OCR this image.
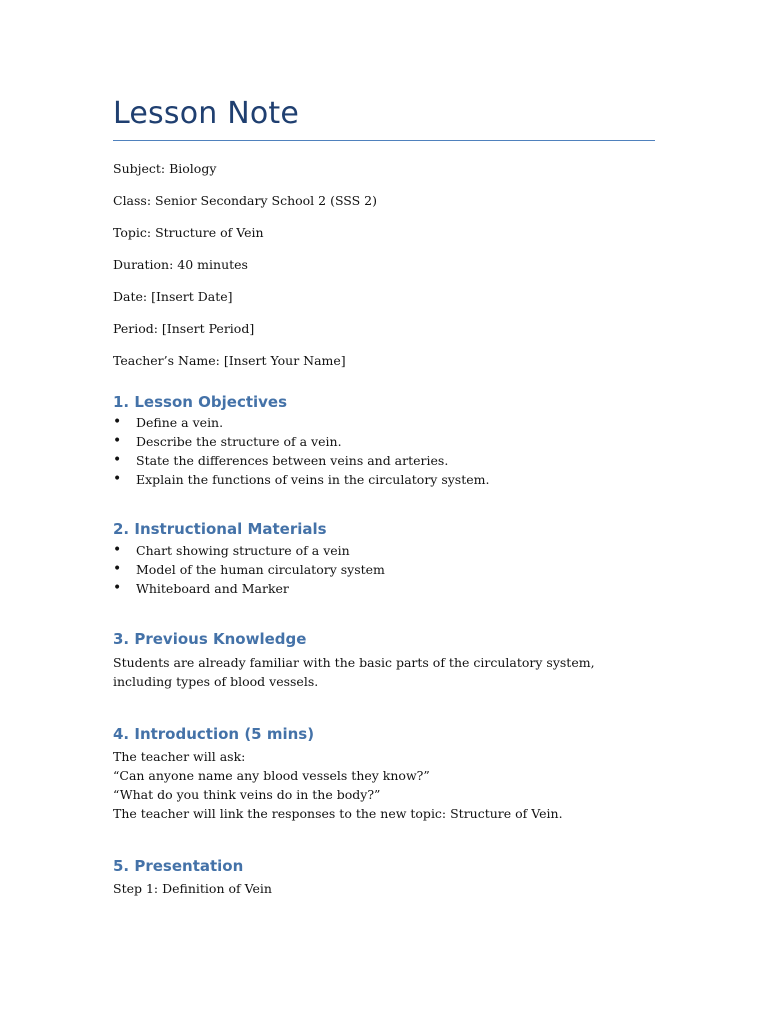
Lesson Note

Subject: Biology

Class: Senior Secondary School 2 (SSS 2)

Topic: Structure of Vein

Duration: 40 minutes

Date: [Insert Date]

Period: [Insert Period]

Teacher’s Name: [Insert Your Name]

1. Lesson Objectives
• Define a vein.
• Describe the structure of a vein.
• State the differences between veins and arteries.
• Explain the functions of veins in the circulatory system.
2. Instructional Materials
• Chart showing structure of a vein
• Model of the human circulatory system
• Whiteboard and Marker
3. Previous Knowledge

Students are already familiar with the basic parts of the circulatory system, including types of blood vessels.

4. Introduction (5 mins)

The teacher will ask:

“Can anyone name any blood vessels they know?”

“What do you think veins do in the body?”

The teacher will link the responses to the new topic: Structure of Vein.

5. Presentation

Step 1: Definition of Vein
